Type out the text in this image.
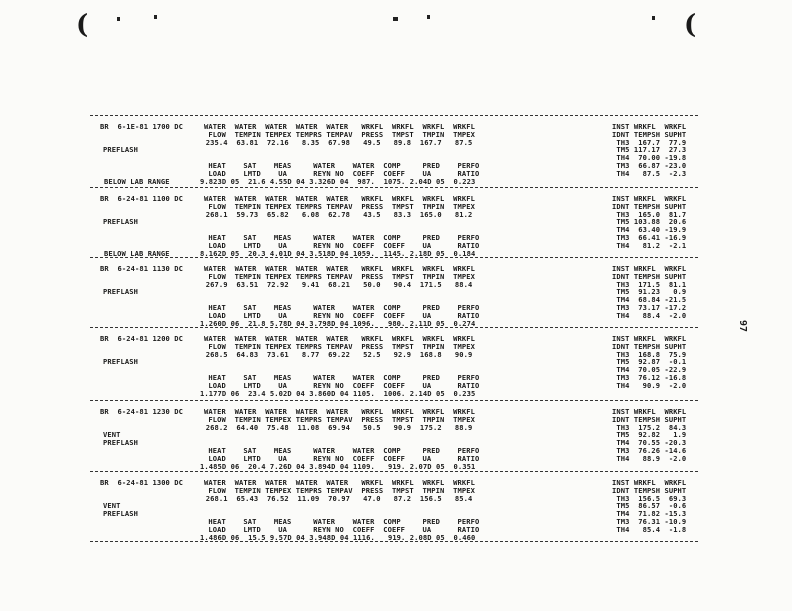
(	(
97
BR  6-1E-81 1700 DC	WATER  WATER  WATER  WATER  WATER   WRKFL  WRKFL  WRKFL  WRKFL
FLOW  TEMPIN TEMPEX TEMPRS TEMPAV  PRESS  TMPST  TMPIN  TMPEX
235.4  63.81  72.16   8.35  67.98   49.5   89.8  167.7   87.5
PREFLASH
HEAT    SAT    MEAS     WATER    WATER  COMP     PRED    PERFO
LOAD    LMTD    UA      REYN NO  COEFF  COEFF    UA      RATIO
9.823D 05  21.6 4.55D 04 3.326D 04  987.  1075. 2.04D 05  0.223
BELOW LAB RANGE
INST WRKFL  WRKFL
IDNT TEMPSH SUPHT
TH3  167.7  77.9
TM5 117.17  27.3
TH4  70.00 -19.8
TM3  66.87 -23.0
TH4   87.5  -2.3
BR  6-24-81 1100 DC	WATER  WATER  WATER  WATER  WATER   WRKFL  WRKFL  WRKFL  WRKFL
FLOW  TEMPIN TEMPEX TEMPRS TEMPAV  PRESS  TMPST  TMPIN  TMPEX
268.1  59.73  65.82   6.08  62.78   43.5   83.3  165.0   81.2
PREFLASH
HEAT    SAT    MEAS     WATER    WATER  COMP     PRED    PERFO
LOAD    LMTD    UA      REYN NO  COEFF  COEFF    UA      RATIO
8.162D 05  20.3 4.01D 04 3.518D 04 1059.  1145. 2.18D 05  0.184
BELOW LAB RANGE
INST WRKFL  WRKFL
IDNT TEMPSH SUPHT
TH3  165.0  81.7
TM5 103.88  20.6
TM4  63.40 -19.9
TM3  66.41 -16.9
TH4   81.2  -2.1
BR  6-24-81 1130 DC	WATER  WATER  WATER  WATER  WATER   WRKFL  WRKFL  WRKFL  WRKFL
FLOW  TEMPIN TEMPEX TEMPRS TEMPAV  PRESS  TMPST  TMPIN  TMPEX
267.9  63.51  72.92   9.41  68.21   50.0   90.4  171.5   88.4
PREFLASH
HEAT    SAT    MEAS     WATER    WATER  COMP     PRED    PERFO
LOAD    LMTD    UA      REYN NO  COEFF  COEFF    UA      RATIO
1.260D 06  21.8 5.78D 04 3.798D 04 1096.   980. 2.11D 05  0.274
INST WRKFL  WRKFL
IDNT TEMPSH SUPHT
TH3  171.5  81.1
TM5  91.23   0.9
TM4  68.84 -21.5
TM3  73.17 -17.2
TH4   88.4  -2.0
BR  6-24-81 1200 DC	WATER  WATER  WATER  WATER  WATER   WRKFL  WRKFL  WRKFL  WRKFL
FLOW  TEMPIN TEMPEX TEMPRS TEMPAV  PRESS  TMPST  TMPIN  TMPEX
268.5  64.83  73.61   8.77  69.22   52.5   92.9  168.8   90.9
PREFLASH
HEAT    SAT    MEAS     WATER    WATER  COMP     PRED    PERFO
LOAD    LMTD    UA      REYN NO  COEFF  COEFF    UA      RATIO
1.177D 06  23.4 5.02D 04 3.860D 04 1105.  1006. 2.14D 05  0.235
INST WRKFL  WRKFL
IDNT TEMPSH SUPHT
TH3  168.8  75.9
TM5  92.87  -0.1
TM4  70.05 -22.9
TM3  76.12 -16.8
TH4   90.9  -2.0
BR  6-24-81 1230 DC	WATER  WATER  WATER  WATER  WATER   WRKFL  WRKFL  WRKFL  WRKFL
FLOW  TEMPIN TEMPEX TEMPRS TEMPAV  PRESS  TMPST  TMPIN  TMPEX
268.2  64.40  75.48  11.08  69.94   50.5   90.9  175.2   88.9
VENT
PREFLASH
HEAT    SAT    MEAS     WATER    WATER  COMP     PRED    PERFO
LOAD    LMTD    UA      REYN NO  COEFF  COEFF    UA      RATIO
1.485D 06  20.4 7.26D 04 3.894D 04 1109.   919. 2.07D 05  0.351
INST WRKFL  WRKFL
IDNT TEMPSH SUPHT
TH3  175.2  84.3
TM5  92.82   1.9
TM4  70.55 -20.3
TM3  76.26 -14.6
TH4   88.9  -2.0
BR  6-24-81 1300 DC	WATER  WATER  WATER  WATER  WATER   WRKFL  WRKFL  WRKFL  WRKFL
FLOW  TEMPIN TEMPEX TEMPRS TEMPAV  PRESS  TMPST  TMPIN  TMPEX
268.1  65.43  76.52  11.09  70.97   47.0   87.2  156.5   85.4
VENT
PREFLASH
HEAT    SAT    MEAS     WATER    WATER  COMP     PRED    PERFO
LOAD    LMTD    UA      REYN NO  COEFF  COEFF    UA      RATIO
1.486D 06  15.5 9.57D 04 3.948D 04 1116.   919. 2.08D 05  0.460
INST WRKFL  WRKFL
IDNT TEMPSH SUPHT
TH3  156.5  69.3
TM5  86.57  -0.6
TM4  71.82 -15.3
TM3  76.31 -10.9
TH4   85.4  -1.8
